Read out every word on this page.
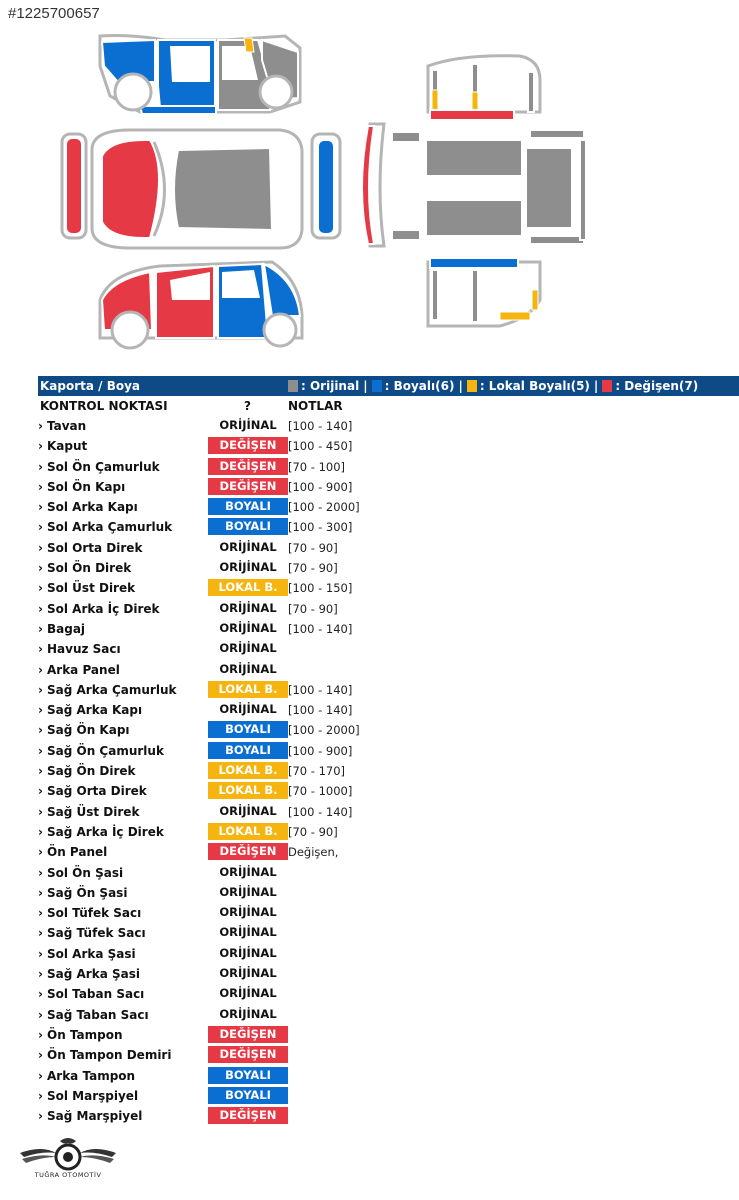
#1225700657
Kaporta / Boya	: Orijinal | : Boyalı(6) | : Lokal Boyalı(5) | : Değişen(7)
KONTROL NOKTASI	?	NOTLAR
› Tavan	ORİJİNAL [100 - 140]
› Kaput	DEĞİŞEN	[100 - 450]
› Sol Ön Çamurluk	DEĞİŞEN	[70 - 100]
› Sol Ön Kapı	DEĞİŞEN	[100 - 900]
› Sol Arka Kapı	BOYALI	[100 - 2000]
› Sol Arka Çamurluk	BOYALI	[100 - 300]
› Sol Orta Direk	ORİJİNAL [70 - 90]
› Sol Ön Direk	ORİJİNAL [70 - 90]
› Sol Üst Direk	LOKAL B. [100 - 150]
› Sol Arka İç Direk	ORİJİNAL [70 - 90]
› Bagaj	ORİJİNAL [100 - 140]
› Havuz Sacı	ORİJİNAL
› Arka Panel	ORİJİNAL
› Sağ Arka Çamurluk	LOKAL B. [100 - 140]
› Sağ Arka Kapı	ORİJİNAL [100 - 140]
› Sağ Ön Kapı	BOYALI	[100 - 2000]
› Sağ Ön Çamurluk	BOYALI	[100 - 900]
› Sağ Ön Direk	LOKAL B. [70 - 170]
› Sağ Orta Direk	LOKAL B. [70 - 1000]
› Sağ Üst Direk	ORİJİNAL [100 - 140]
› Sağ Arka İç Direk	LOKAL B. [70 - 90]
› Ön Panel	DEĞİŞEN	Değişen,
› Sol Ön Şasi	ORİJİNAL
› Sağ Ön Şasi	ORİJİNAL
› Sol Tüfek Sacı	ORİJİNAL
› Sağ Tüfek Sacı	ORİJİNAL
› Sol Arka Şasi	ORİJİNAL
› Sağ Arka Şasi	ORİJİNAL
› Sol Taban Sacı	ORİJİNAL
› Sağ Taban Sacı	ORİJİNAL
› Ön Tampon	DEĞİŞEN
› Ön Tampon Demiri	DEĞİŞEN
› Arka Tampon	BOYALI
› Sol Marşpiyel	BOYALI
› Sağ Marşpiyel	DEĞİŞEN
TUĞRA OTOMOTİV
